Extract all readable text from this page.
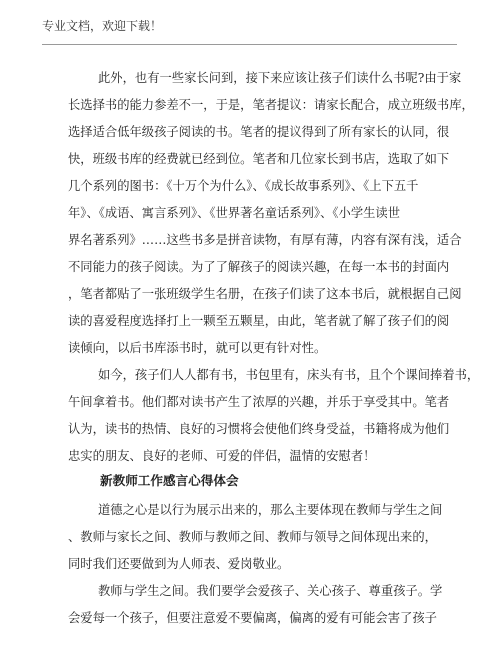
专业文档，欢迎下载！
此外，也有一些家长问到，接下来应该让孩子们读什么书呢?由于家
长选择书的能力参差不一，于是，笔者提议：请家长配合，成立班级书库，
选择适合低年级孩子阅读的书。笔者的提议得到了所有家长的认同，很
快，班级书库的经费就已经到位。笔者和几位家长到书店，选取了如下
几个系列的图书：《十万个为什么》、《成长故事系列》、《上下五千
年》、《成语、寓言系列》、《世界著名童话系列》、《小学生读世
界名著系列》……这些书多是拼音读物，有厚有薄，内容有深有浅，适合
不同能力的孩子阅读。为了了解孩子的阅读兴趣，在每一本书的封面内
，笔者都贴了一张班级学生名册，在孩子们读了这本书后，就根据自己阅
读的喜爱程度选择打上一颗至五颗星，由此，笔者就了解了孩子们的阅
读倾向，以后书库添书时，就可以更有针对性。
如今，孩子们人人都有书，书包里有，床头有书，且个个课间捧着书，
午间拿着书。他们都对读书产生了浓厚的兴趣，并乐于享受其中。笔者
认为，读书的热情、良好的习惯将会使他们终身受益，书籍将成为他们
忠实的朋友、良好的老师、可爱的伴侣，温情的安慰者！
新教师工作感言心得体会
道德之心是以行为展示出来的，那么主要体现在教师与学生之间
、教师与家长之间、教师与教师之间、教师与领导之间体现出来的，
同时我们还要做到为人师表、爱岗敬业。
教师与学生之间。我们要学会爱孩子、关心孩子、尊重孩子。学
会爱每一个孩子，但要注意爱不要偏离，偏离的爱有可能会害了孩子
